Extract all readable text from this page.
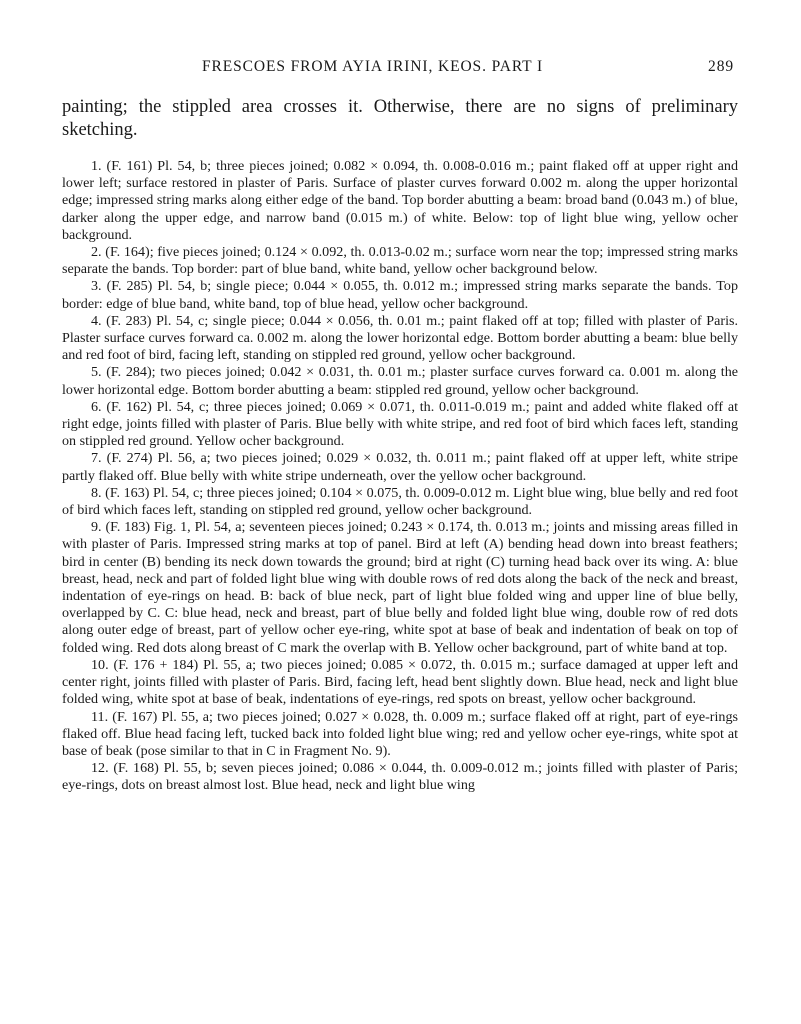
FRESCOES FROM AYIA IRINI, KEOS. PART I	289

painting; the stippled area crosses it. Otherwise, there are no signs of preliminary sketching.

1. (F. 161) Pl. 54, b; three pieces joined; 0.082 × 0.094, th. 0.008-0.016 m.; paint flaked off at upper right and lower left; surface restored in plaster of Paris. Surface of plaster curves forward 0.002 m. along the upper horizontal edge; impressed string marks along either edge of the band. Top border abutting a beam: broad band (0.043 m.) of blue, darker along the upper edge, and narrow band (0.015 m.) of white. Below: top of light blue wing, yellow ocher background.

2. (F. 164); five pieces joined; 0.124 × 0.092, th. 0.013-0.02 m.; surface worn near the top; impressed string marks separate the bands. Top border: part of blue band, white band, yellow ocher background below.

3. (F. 285) Pl. 54, b; single piece; 0.044 × 0.055, th. 0.012 m.; impressed string marks separate the bands. Top border: edge of blue band, white band, top of blue head, yellow ocher background.

4. (F. 283) Pl. 54, c; single piece; 0.044 × 0.056, th. 0.01 m.; paint flaked off at top; filled with plaster of Paris. Plaster surface curves forward ca. 0.002 m. along the lower horizontal edge. Bottom border abutting a beam: blue belly and red foot of bird, facing left, standing on stippled red ground, yellow ocher background.

5. (F. 284); two pieces joined; 0.042 × 0.031, th. 0.01 m.; plaster surface curves forward ca. 0.001 m. along the lower horizontal edge. Bottom border abutting a beam: stippled red ground, yellow ocher background.

6. (F. 162) Pl. 54, c; three pieces joined; 0.069 × 0.071, th. 0.011-0.019 m.; paint and added white flaked off at right edge, joints filled with plaster of Paris. Blue belly with white stripe, and red foot of bird which faces left, standing on stippled red ground. Yellow ocher background.

7. (F. 274) Pl. 56, a; two pieces joined; 0.029 × 0.032, th. 0.011 m.; paint flaked off at upper left, white stripe partly flaked off. Blue belly with white stripe underneath, over the yellow ocher background.

8. (F. 163) Pl. 54, c; three pieces joined; 0.104 × 0.075, th. 0.009-0.012 m. Light blue wing, blue belly and red foot of bird which faces left, standing on stippled red ground, yellow ocher background.

9. (F. 183) Fig. 1, Pl. 54, a; seventeen pieces joined; 0.243 × 0.174, th. 0.013 m.; joints and missing areas filled in with plaster of Paris. Impressed string marks at top of panel. Bird at left (A) bending head down into breast feathers; bird in center (B) bending its neck down towards the ground; bird at right (C) turning head back over its wing. A: blue breast, head, neck and part of folded light blue wing with double rows of red dots along the back of the neck and breast, indentation of eye-rings on head. B: back of blue neck, part of light blue folded wing and upper line of blue belly, overlapped by C. C: blue head, neck and breast, part of blue belly and folded light blue wing, double row of red dots along outer edge of breast, part of yellow ocher eye-ring, white spot at base of beak and indentation of beak on top of folded wing. Red dots along breast of C mark the overlap with B. Yellow ocher background, part of white band at top.

10. (F. 176 + 184) Pl. 55, a; two pieces joined; 0.085 × 0.072, th. 0.015 m.; surface damaged at upper left and center right, joints filled with plaster of Paris. Bird, facing left, head bent slightly down. Blue head, neck and light blue folded wing, white spot at base of beak, indentations of eye-rings, red spots on breast, yellow ocher background.

11. (F. 167) Pl. 55, a; two pieces joined; 0.027 × 0.028, th. 0.009 m.; surface flaked off at right, part of eye-rings flaked off. Blue head facing left, tucked back into folded light blue wing; red and yellow ocher eye-rings, white spot at base of beak (pose similar to that in C in Fragment No. 9).

12. (F. 168) Pl. 55, b; seven pieces joined; 0.086 × 0.044, th. 0.009-0.012 m.; joints filled with plaster of Paris; eye-rings, dots on breast almost lost. Blue head, neck and light blue wing
